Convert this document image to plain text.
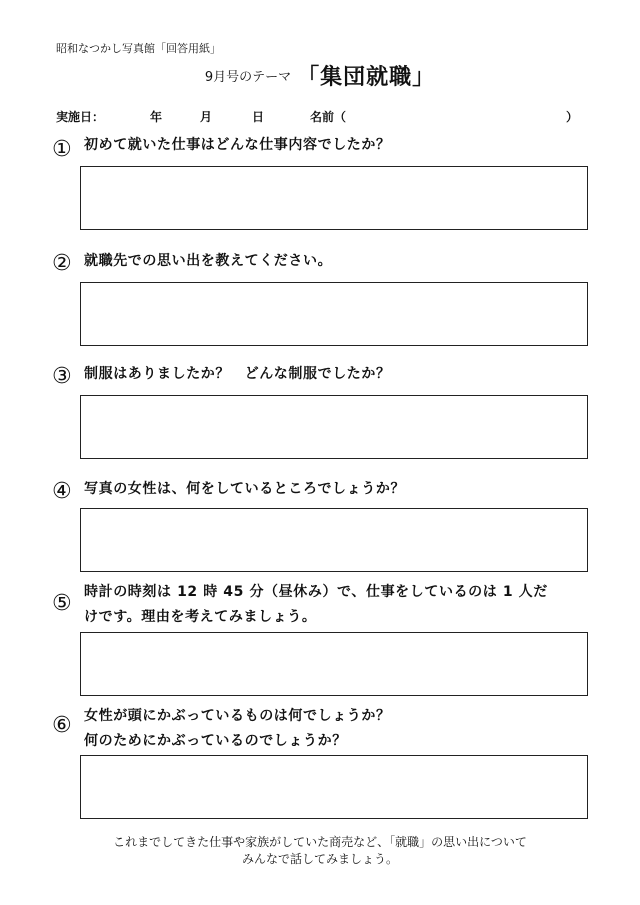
昭和なつかし写真館「回答用紙」
9月号のテーマ 「集団就職」
実施日：	年	月	日	名前（	）
① 初めて就いた仕事はどんな仕事内容でしたか？
② 就職先での思い出を教えてください。
③ 制服はありましたか？　どんな制服でしたか？
④ 写真の女性は、何をしているところでしょうか？
⑤ 時計の時刻は 12 時 45 分（昼休み）で、仕事をしているのは 1 人だ
けです。理由を考えてみましょう。
⑥ 女性が頭にかぶっているものは何でしょうか？
何のためにかぶっているのでしょうか？
これまでしてきた仕事や家族がしていた商売など、「就職」の思い出について
みんなで話してみましょう。
